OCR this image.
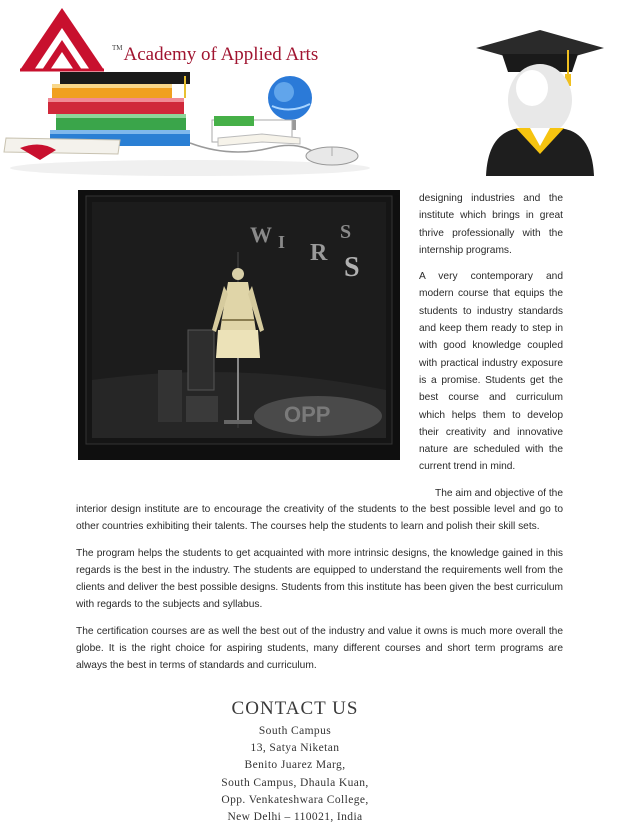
™Academy of Applied Arts
OPP
W I R
S
S

designing industries and the institute which brings in great thrive professionally with the internship programs.

A very contemporary and modern course that equips the students to industry standards and keep them ready to step in with good knowledge coupled with practical industry exposure is a promise. Students get the best course and curriculum which helps them to develop their creativity and innovative nature are scheduled with the current trend in mind.

The aim and objective of the

interior design institute are to encourage the creativity of the students to the best possible level and go to other countries exhibiting their talents. The courses help the students to learn and polish their skill sets.

The program helps the students to get acquainted with more intrinsic designs, the knowledge gained in this regards is the best in the industry. The students are equipped to understand the requirements well from the clients and deliver the best possible designs. Students from this institute has been given the best curriculum with regards to the subjects and syllabus.

The certification courses are as well the best out of the industry and value it owns is much more overall the globe. It is the right choice for aspiring students, many different courses and short term programs are always the best in terms of standards and curriculum.

CONTACT US
South Campus
13, Satya Niketan
Benito Juarez Marg,
South Campus, Dhaula Kuan,
Opp. Venkateshwara College,
New Delhi – 110021, India
